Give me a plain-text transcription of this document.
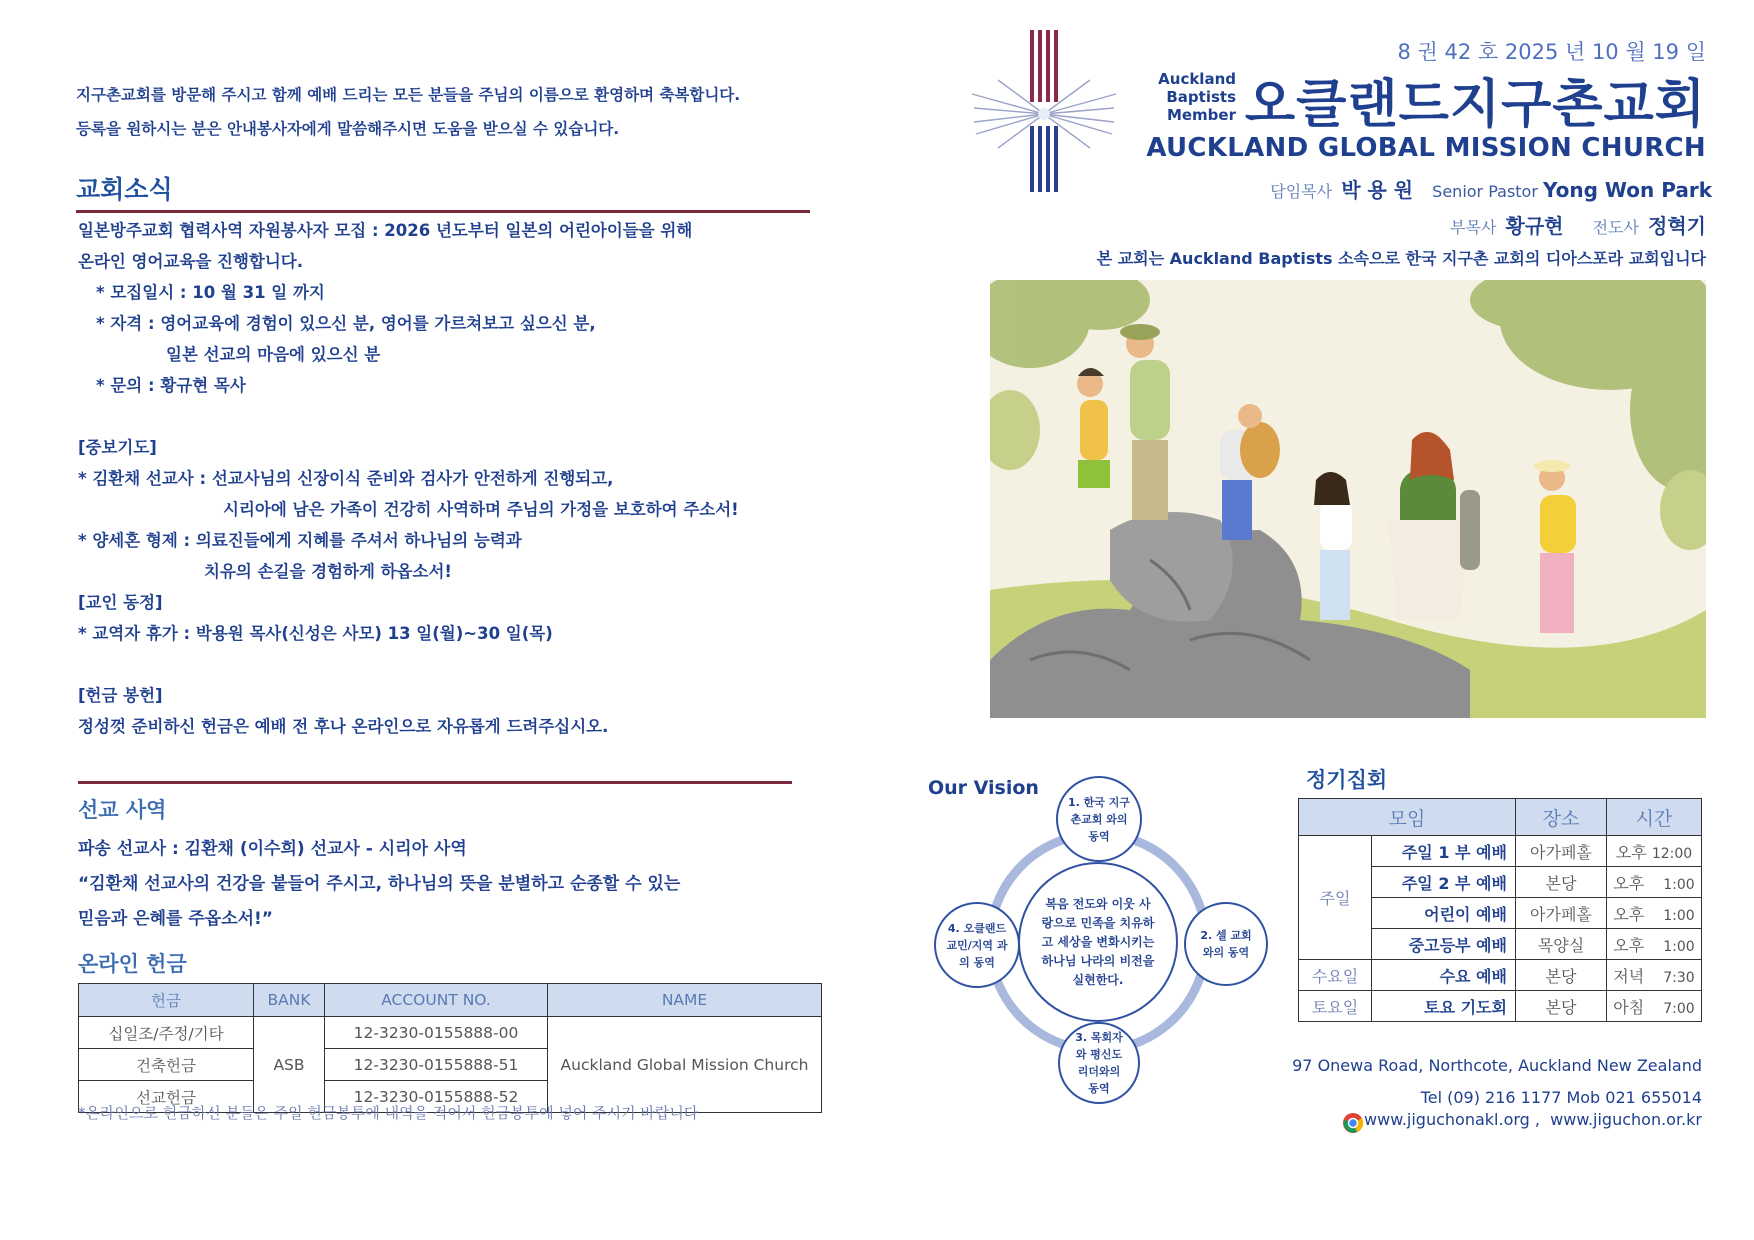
지구촌교회를 방문해 주시고 함께 예배 드리는 모든 분들을 주님의 이름으로 환영하며 축복합니다.
등록을 원하시는 분은 안내봉사자에게 말씀해주시면 도움을 받으실 수 있습니다.
교회소식
일본방주교회 협력사역 자원봉사자 모집 : 2026 년도부터 일본의 어린아이들을 위해
온라인 영어교육을 진행합니다.
* 모집일시 : 10 월 31 일 까지
* 자격 : 영어교육에 경험이 있으신 분, 영어를 가르쳐보고 싶으신 분,
일본 선교의 마음에 있으신 분
* 문의 : 황규현 목사
[중보기도]
* 김환채 선교사 : 선교사님의 신장이식 준비와 검사가 안전하게 진행되고,
시리아에 남은 가족이 건강히 사역하며 주님의 가정을 보호하여 주소서!
* 양세혼 형제 : 의료진들에게 지혜를 주셔서 하나님의 능력과
치유의 손길을 경험하게 하옵소서!
[교인 동정]
* 교역자 휴가 : 박용원 목사(신성은 사모) 13 일(월)~30 일(목)
[헌금 봉헌]
정성껏 준비하신 헌금은 예배 전 후나 온라인으로 자유롭게 드려주십시오.
선교 사역
파송 선교사 : 김환채 (이수희) 선교사 - 시리아 사역
“김환채 선교사의 건강을 붙들어 주시고, 하나님의 뜻을 분별하고 순종할 수 있는
믿음과 은혜를 주옵소서!”
온라인 헌금
헌금	BANK	ACCOUNT NO.	NAME
십일조/주정/기타	ASB	12-3230-0155888-00	Auckland Global Mission Church
건축헌금		12-3230-0155888-51	
선교헌금		12-3230-0155888-52	
*온라인으로 헌금하신 분들은 주일 헌금봉투에 내역을 적어서 헌금봉투에 넣어 주시기 바랍니다
Auckland
Baptists
Member
8 권 42 호 2025 년 10 월 19 일
오클랜드지구촌교회
AUCKLAND GLOBAL MISSION CHURCH
담임목사 박 용 원 Senior Pastor Yong Won Park
부목사 황규현 전도사 정혁기
본 교회는 Auckland Baptists 소속으로 한국 지구촌 교회의 디아스포라 교회입니다
Our Vision
복음 전도와 이웃 사랑으로 민족을 치유하고 세상을 변화시키는 하나님 나라의 비전을 실현한다.
1. 한국 지구촌교회 와의 동역
2. 셀 교회와의 동역
3. 목회자와 평신도 리더와의 동역
4. 오클랜드 교민/지역 과의 동역
정기집회
모임		장소	시간
주일	주일 1 부 예배	아가페홀	오후 12:00
	주일 2 부 예배	본당	오후 1:00
	어린이 예배	아가페홀	오후 1:00
	중고등부 예배	목양실	오후 1:00
수요일	수요 예배	본당	저녁 7:30
토요일	토요 기도회	본당	아침 7:00
97 Onewa Road, Northcote, Auckland New Zealand
Tel (09) 216 1177 Mob 021 655014
www.jiguchonakl.org ,  www.jiguchon.or.kr
